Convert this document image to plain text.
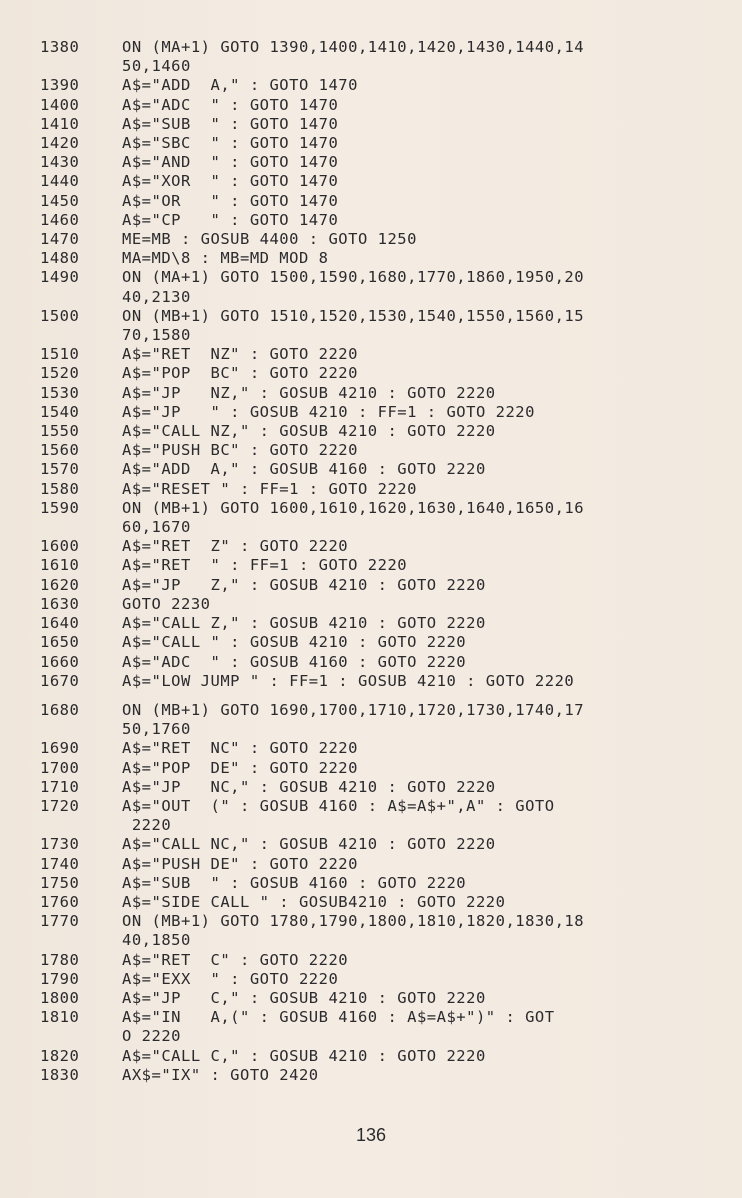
1380	ON (MA+1) GOTO 1390,1400,1410,1420,1430,1440,14
50,1460
1390	A$="ADD  A," : GOTO 1470
1400	A$="ADC  " : GOTO 1470
1410	A$="SUB  " : GOTO 1470
1420	A$="SBC  " : GOTO 1470
1430	A$="AND  " : GOTO 1470
1440	A$="XOR  " : GOTO 1470
1450	A$="OR   " : GOTO 1470
1460	A$="CP   " : GOTO 1470
1470	ME=MB : GOSUB 4400 : GOTO 1250
1480	MA=MD\8 : MB=MD MOD 8
1490	ON (MA+1) GOTO 1500,1590,1680,1770,1860,1950,20
40,2130
1500	ON (MB+1) GOTO 1510,1520,1530,1540,1550,1560,15
70,1580
1510	A$="RET  NZ" : GOTO 2220
1520	A$="POP  BC" : GOTO 2220
1530	A$="JP   NZ," : GOSUB 4210 : GOTO 2220
1540	A$="JP   " : GOSUB 4210 : FF=1 : GOTO 2220
1550	A$="CALL NZ," : GOSUB 4210 : GOTO 2220
1560	A$="PUSH BC" : GOTO 2220
1570	A$="ADD  A," : GOSUB 4160 : GOTO 2220
1580	A$="RESET " : FF=1 : GOTO 2220
1590	ON (MB+1) GOTO 1600,1610,1620,1630,1640,1650,16
60,1670
1600	A$="RET  Z" : GOTO 2220
1610	A$="RET  " : FF=1 : GOTO 2220
1620	A$="JP   Z," : GOSUB 4210 : GOTO 2220
1630	GOTO 2230
1640	A$="CALL Z," : GOSUB 4210 : GOTO 2220
1650	A$="CALL " : GOSUB 4210 : GOTO 2220
1660	A$="ADC  " : GOSUB 4160 : GOTO 2220
1670	A$="LOW JUMP " : FF=1 : GOSUB 4210 : GOTO 2220
1680	ON (MB+1) GOTO 1690,1700,1710,1720,1730,1740,17
50,1760
1690	A$="RET  NC" : GOTO 2220
1700	A$="POP  DE" : GOTO 2220
1710	A$="JP   NC," : GOSUB 4210 : GOTO 2220
1720	A$="OUT  (" : GOSUB 4160 : A$=A$+",A" : GOTO
2220
1730	A$="CALL NC," : GOSUB 4210 : GOTO 2220
1740	A$="PUSH DE" : GOTO 2220
1750	A$="SUB  " : GOSUB 4160 : GOTO 2220
1760	A$="SIDE CALL " : GOSUB4210 : GOTO 2220
1770	ON (MB+1) GOTO 1780,1790,1800,1810,1820,1830,18
40,1850
1780	A$="RET  C" : GOTO 2220
1790	A$="EXX  " : GOTO 2220
1800	A$="JP   C," : GOSUB 4210 : GOTO 2220
1810	A$="IN   A,(" : GOSUB 4160 : A$=A$+")" : GOT
O 2220
1820	A$="CALL C," : GOSUB 4210 : GOTO 2220
1830	AX$="IX" : GOTO 2420
136
